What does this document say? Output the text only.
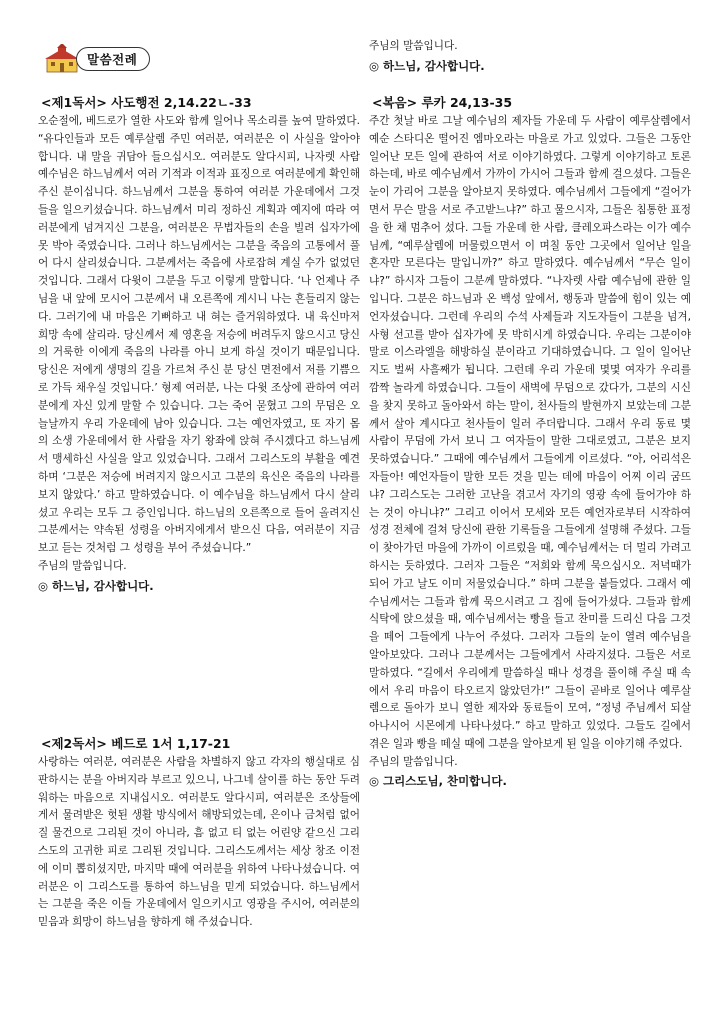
말씀전례
<제1독서> 사도행전 2,14.22ㄴ-33

오순절에, 베드로가 열한 사도와 함께 일어나 목소리를 높여 말하였다. “유다인들과 모든 예루살렘 주민 여러분, 여러분은 이 사실을 알아야 합니다. 내 말을 귀담아 들으십시오. 여러분도 알다시피, 나자렛 사람 예수님은 하느님께서 여러 기적과 이적과 표징으로 여러분에게 확인해 주신 분이십니다. 하느님께서 그분을 통하여 여러분 가운데에서 그것들을 일으키셨습니다. 하느님께서 미리 정하신 계획과 예지에 따라 여러분에게 넘겨지신 그분을, 여러분은 무법자들의 손을 빌려 십자가에 못 박아 죽였습니다. 그러나 하느님께서는 그분을 죽음의 고통에서 풀어 다시 살리셨습니다. 그분께서는 죽음에 사로잡혀 계실 수가 없었던 것입니다. 그래서 다윗이 그분을 두고 이렇게 말합니다. ‘나 언제나 주님을 내 앞에 모시어 그분께서 내 오른쪽에 계시니 나는 흔들리지 않는다. 그러기에 내 마음은 기뻐하고 내 혀는 즐거워하였다. 내 육신마저 희망 속에 살리라. 당신께서 제 영혼을 저승에 버려두지 않으시고 당신의 거룩한 이에게 죽음의 나라를 아니 보게 하실 것이기 때문입니다. 당신은 저에게 생명의 길을 가르쳐 주신 분 당신 면전에서 저를 기쁨으로 가득 채우실 것입니다.’ 형제 여러분, 나는 다윗 조상에 관하여 여러분에게 자신 있게 말할 수 있습니다. 그는 죽어 묻혔고 그의 무덤은 오늘날까지 우리 가운데에 남아 있습니다. 그는 예언자였고, 또 자기 몸의 소생 가운데에서 한 사람을 자기 왕좌에 앉혀 주시겠다고 하느님께서 맹세하신 사실을 알고 있었습니다. 그래서 그리스도의 부활을 예견하며 ‘그분은 저승에 버려지지 않으시고 그분의 육신은 죽음의 나라를 보지 않았다.’ 하고 말하였습니다. 이 예수님을 하느님께서 다시 살리셨고 우리는 모두 그 증인입니다. 하느님의 오른쪽으로 들어 올려지신 그분께서는 약속된 성령을 아버지에게서 받으신 다음, 여러분이 지금 보고 듣는 것처럼 그 성령을 부어 주셨습니다.”

주님의 말씀입니다.

◎ 하느님, 감사합니다.

<제2독서> 베드로 1서 1,17-21

사랑하는 여러분, 여러분은 사람을 차별하지 않고 각자의 행실대로 심판하시는 분을 아버지라 부르고 있으니, 나그네 살이를 하는 동안 두려워하는 마음으로 지내십시오. 여러분도 알다시피, 여러분은 조상들에게서 물려받은 헛된 생활 방식에서 해방되었는데, 은이나 금처럼 없어질 물건으로 그리된 것이 아니라, 흠 없고 티 없는 어린양 같으신 그리스도의 고귀한 피로 그리된 것입니다. 그리스도께서는 세상 창조 이전에 이미 뽑히셨지만, 마지막 때에 여러분을 위하여 나타나셨습니다. 여러분은 이 그리스도를 통하여 하느님을 믿게 되었습니다. 하느님께서는 그분을 죽은 이들 가운데에서 일으키시고 영광을 주시어, 여러분의 믿음과 희망이 하느님을 향하게 해 주셨습니다.

주님의 말씀입니다.

◎ 하느님, 감사합니다.

<복음> 루카 24,13-35

주간 첫날 바로 그날 예수님의 제자들 가운데 두 사람이 예루살렘에서 예순 스타디온 떨어진 엠마오라는 마을로 가고 있었다. 그들은 그동안 일어난 모든 일에 관하여 서로 이야기하였다. 그렇게 이야기하고 토론하는데, 바로 예수님께서 가까이 가시어 그들과 함께 걸으셨다. 그들은 눈이 가리어 그분을 알아보지 못하였다. 예수님께서 그들에게 “걸어가면서 무슨 말을 서로 주고받느냐?” 하고 물으시자, 그들은 침통한 표정을 한 채 멈추어 섰다. 그들 가운데 한 사람, 클레오파스라는 이가 예수님께, “예루살렘에 머물렀으면서 이 며칠 동안 그곳에서 일어난 일을 혼자만 모른다는 말입니까?” 하고 말하였다. 예수님께서 “무슨 일이냐?” 하시자 그들이 그분께 말하였다. “나자렛 사람 예수님에 관한 일입니다. 그분은 하느님과 온 백성 앞에서, 행동과 말씀에 힘이 있는 예언자셨습니다. 그런데 우리의 수석 사제들과 지도자들이 그분을 넘겨, 사형 선고를 받아 십자가에 못 박히시게 하였습니다. 우리는 그분이야말로 이스라엘을 해방하실 분이라고 기대하였습니다. 그 일이 일어난 지도 벌써 사흘째가 됩니다. 그런데 우리 가운데 몇몇 여자가 우리를 깜짝 놀라게 하였습니다. 그들이 새벽에 무덤으로 갔다가, 그분의 시신을 찾지 못하고 돌아와서 하는 말이, 천사들의 발현까지 보았는데 그분께서 살아 계시다고 천사들이 일러 주더랍니다. 그래서 우리 동료 몇 사람이 무덤에 가서 보니 그 여자들이 말한 그대로였고, 그분은 보지 못하였습니다.” 그때에 예수님께서 그들에게 이르셨다. “아, 어리석은 자들아! 예언자들이 말한 모든 것을 믿는 데에 마음이 어찌 이리 굼뜨냐? 그리스도는 그러한 고난을 겪고서 자기의 영광 속에 들어가야 하는 것이 아니냐?” 그리고 이어서 모세와 모든 예언자로부터 시작하여 성경 전체에 걸쳐 당신에 관한 기록들을 그들에게 설명해 주셨다. 그들이 찾아가던 마을에 가까이 이르렀을 때, 예수님께서는 더 멀리 가려고 하시는 듯하였다. 그러자 그들은 “저희와 함께 묵으십시오. 저녁때가 되어 가고 날도 이미 저물었습니다.” 하며 그분을 붙들었다. 그래서 예수님께서는 그들과 함께 묵으시려고 그 집에 들어가셨다. 그들과 함께 식탁에 앉으셨을 때, 예수님께서는 빵을 들고 찬미를 드리신 다음 그것을 떼어 그들에게 나누어 주셨다. 그러자 그들의 눈이 열려 예수님을 알아보았다. 그러나 그분께서는 그들에게서 사라지셨다. 그들은 서로 말하였다. “길에서 우리에게 말씀하실 때나 성경을 풀이해 주실 때 속에서 우리 마음이 타오르지 않았던가!” 그들이 곧바로 일어나 예루살렘으로 돌아가 보니 열한 제자와 동료들이 모여, “정녕 주님께서 되살아나시어 시몬에게 나타나셨다.” 하고 말하고 있었다. 그들도 길에서 겪은 일과 빵을 떼실 때에 그분을 알아보게 된 일을 이야기해 주었다.

주님의 말씀입니다.

◎ 그리스도님, 찬미합니다.
